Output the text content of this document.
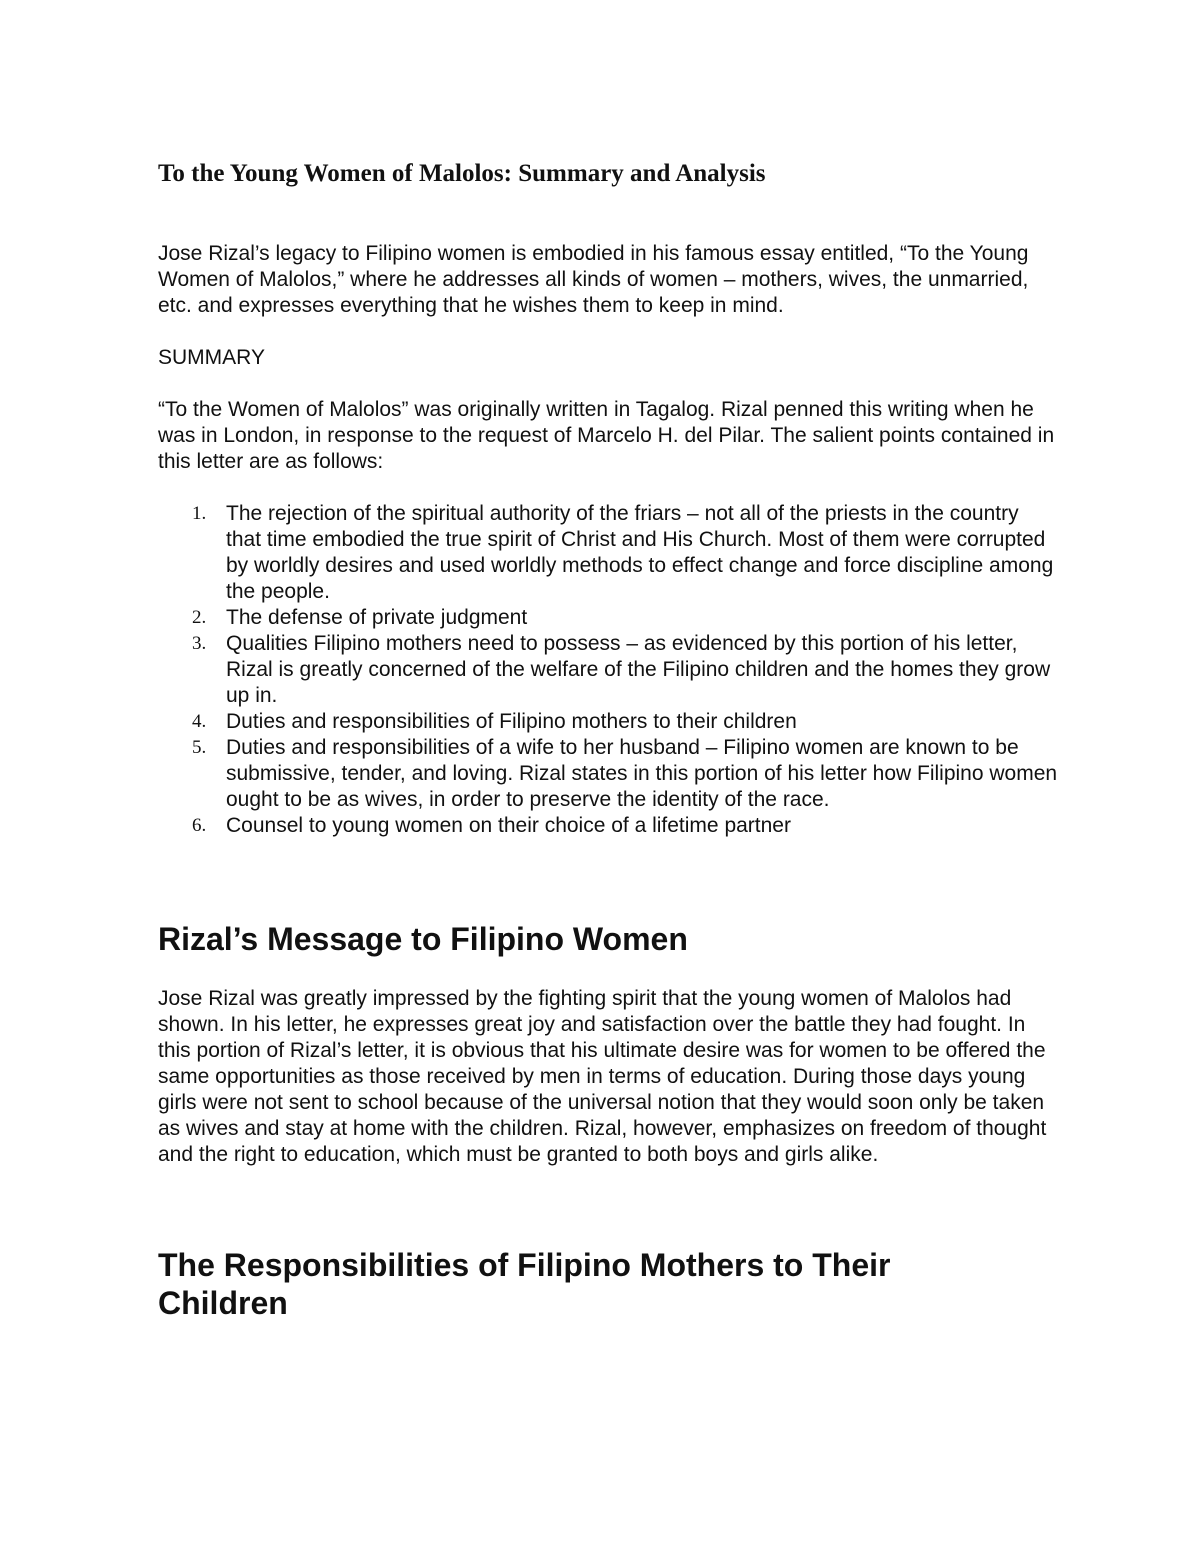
To the Young Women of Malolos: Summary and Analysis

Jose Rizal’s legacy to Filipino women is embodied in his famous essay entitled, “To the Young Women of Malolos,” where he addresses all kinds of women – mothers, wives, the unmarried, etc. and expresses everything that he wishes them to keep in mind.

SUMMARY

“To the Women of Malolos” was originally written in Tagalog. Rizal penned this writing when he was in London, in response to the request of Marcelo H. del Pilar. The salient points contained in this letter are as follows:

1. The rejection of the spiritual authority of the friars – not all of the priests in the country that time embodied the true spirit of Christ and His Church. Most of them were corrupted by worldly desires and used worldly methods to effect change and force discipline among the people.
2. The defense of private judgment
3. Qualities Filipino mothers need to possess – as evidenced by this portion of his letter, Rizal is greatly concerned of the welfare of the Filipino children and the homes they grow up in.
4. Duties and responsibilities of Filipino mothers to their children
5. Duties and responsibilities of a wife to her husband – Filipino women are known to be submissive, tender, and loving. Rizal states in this portion of his letter how Filipino women ought to be as wives, in order to preserve the identity of the race.
6. Counsel to young women on their choice of a lifetime partner
Rizal’s Message to Filipino Women

Jose Rizal was greatly impressed by the fighting spirit that the young women of Malolos had shown. In his letter, he expresses great joy and satisfaction over the battle they had fought. In this portion of Rizal’s letter, it is obvious that his ultimate desire was for women to be offered the same opportunities as those received by men in terms of education. During those days young girls were not sent to school because of the universal notion that they would soon only be taken as wives and stay at home with the children. Rizal, however, emphasizes on freedom of thought and the right to education, which must be granted to both boys and girls alike.

The Responsibilities of Filipino Mothers to Their Children
